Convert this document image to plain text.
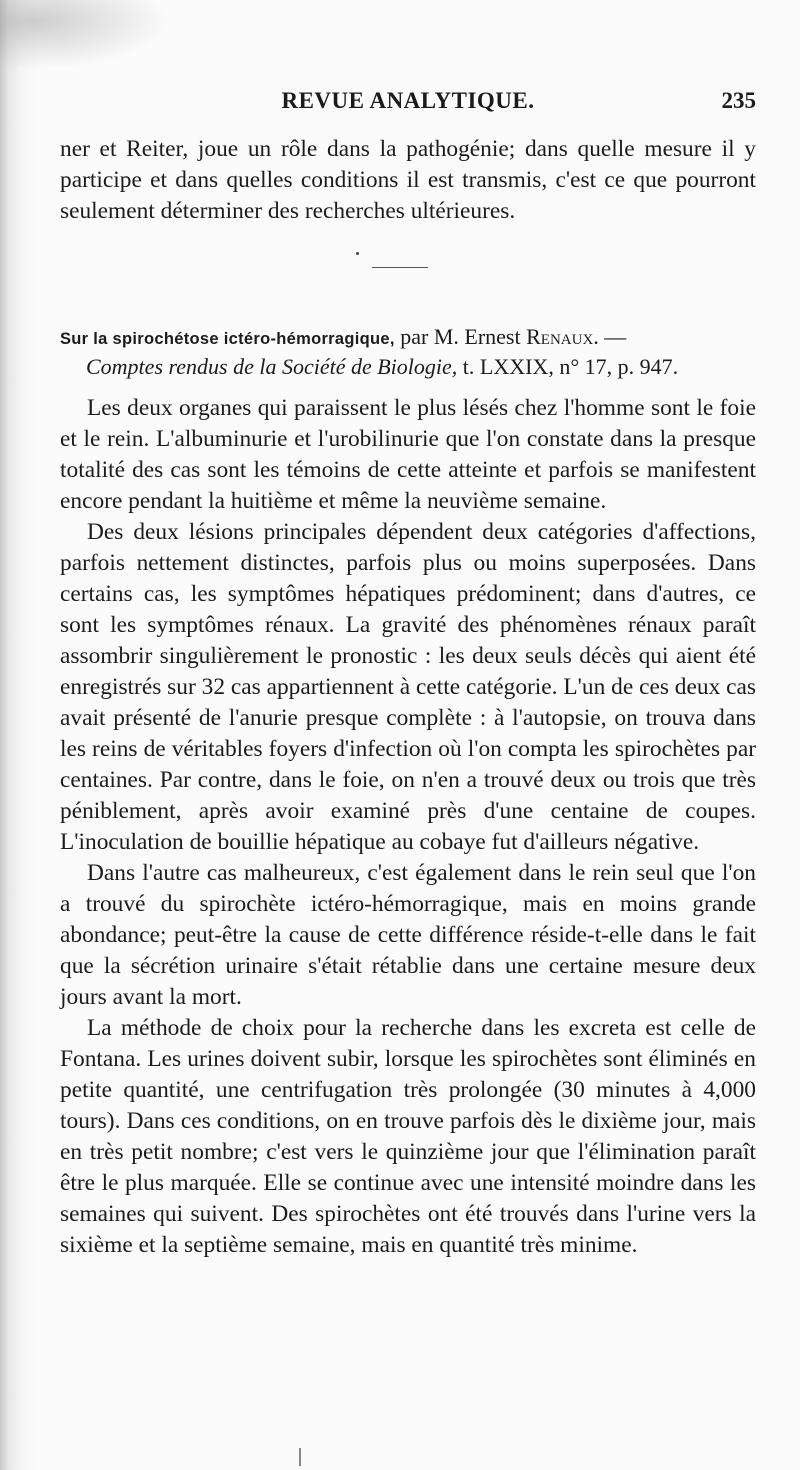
REVUE ANALYTIQUE.	235

ner et Reiter, joue un rôle dans la pathogénie; dans quelle mesure il y participe et dans quelles conditions il est transmis, c'est ce que pourront seulement déterminer des recherches ultérieures.

Sur la spirochétose ictéro-hémorragique, par M. Ernest Renaux. —
Comptes rendus de la Société de Biologie, t. LXXIX, n° 17, p. 947.

Les deux organes qui paraissent le plus lésés chez l'homme sont le foie et le rein. L'albuminurie et l'urobilinurie que l'on constate dans la presque totalité des cas sont les témoins de cette atteinte et parfois se manifestent encore pendant la huitième et même la neuvième semaine.

Des deux lésions principales dépendent deux catégories d'affections, parfois nettement distinctes, parfois plus ou moins superposées. Dans certains cas, les symptômes hépatiques prédominent; dans d'autres, ce sont les symptômes rénaux. La gravité des phénomènes rénaux paraît assombrir singulièrement le pronostic : les deux seuls décès qui aient été enregistrés sur 32 cas appartiennent à cette catégorie. L'un de ces deux cas avait présenté de l'anurie presque complète : à l'autopsie, on trouva dans les reins de véritables foyers d'infection où l'on compta les spirochètes par centaines. Par contre, dans le foie, on n'en a trouvé deux ou trois que très péniblement, après avoir examiné près d'une centaine de coupes. L'inoculation de bouillie hépatique au cobaye fut d'ailleurs négative.

Dans l'autre cas malheureux, c'est également dans le rein seul que l'on a trouvé du spirochète ictéro-hémorragique, mais en moins grande abondance; peut-être la cause de cette différence réside-t-elle dans le fait que la sécrétion urinaire s'était rétablie dans une certaine mesure deux jours avant la mort.

La méthode de choix pour la recherche dans les excreta est celle de Fontana. Les urines doivent subir, lorsque les spirochètes sont éliminés en petite quantité, une centrifugation très prolongée (30 minutes à 4,000 tours). Dans ces conditions, on en trouve parfois dès le dixième jour, mais en très petit nombre; c'est vers le quinzième jour que l'élimination paraît être le plus marquée. Elle se continue avec une intensité moindre dans les semaines qui suivent. Des spirochètes ont été trouvés dans l'urine vers la sixième et la septième semaine, mais en quantité très minime.
